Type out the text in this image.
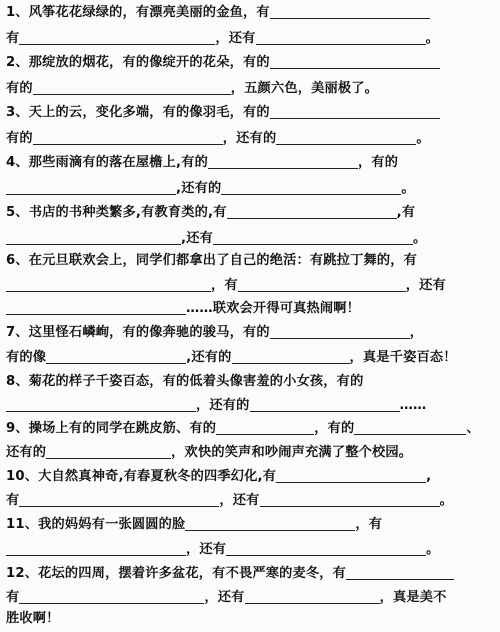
1、风筝花花绿绿的，有漂亮美丽的金鱼，有
有	，还有	。
2、那绽放的烟花，有的像绽开的花朵，有的
有的	，五颜六色，美丽极了。
3、天上的云，变化多端，有的像羽毛，有的
有的	，还有的	。
4、那些雨滴有的落在屋檐上,有的	，有的
,还有的	。
5、书店的书种类繁多,有教育类的,有	,有
,还有	。
6、在元旦联欢会上，同学们都拿出了自己的绝活：有跳拉丁舞的，有
，有	，还有
……联欢会开得可真热闹啊！
7、这里怪石嶙峋，有的像奔驰的骏马，有的	，
有的像	,还有的	，真是千姿百态！
8、菊花的样子千姿百态，有的低着头像害羞的小女孩，有的
，还有的	……
9、操场上有的同学在跳皮筋、有的	，有的	、
还有的	，欢快的笑声和吵闹声充满了整个校园。
10、大自然真神奇,有春夏秋冬的四季幻化,有	,
有	，还有	。
11、我的妈妈有一张圆圆的脸	，有
，还有	。
12、花坛的四周，摆着许多盆花，有不畏严寒的麦冬，有
有	，还有	，真是美不
胜收啊！
